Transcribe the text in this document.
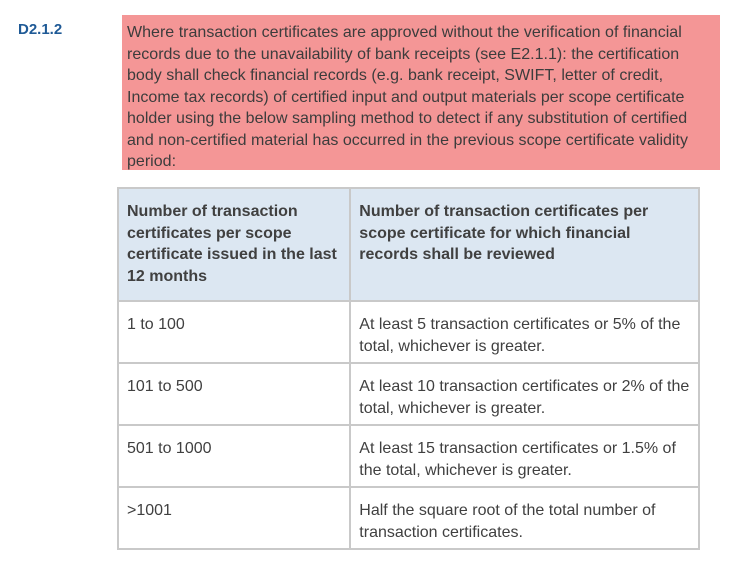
D2.1.2	Where transaction certificates are approved without the verification of financial records due to the unavailability of bank receipts (see E2.1.1): the certification body shall check financial records (e.g. bank receipt, SWIFT, letter of credit, Income tax records) of certified input and output materials per scope certificate holder using the below sampling method to detect if any substitution of certified and non-certified material has occurred in the previous scope certificate validity period:
Number of transaction certificates per scope certificate issued in the last 12 months	Number of transaction certificates per scope certificate for which financial records shall be reviewed

1 to 100	At least 5 transaction certificates or 5% of the total, whichever is greater.

101 to 500	At least 10 transaction certificates or 2% of the total, whichever is greater.

501 to 1000	At least 15 transaction certificates or 1.5% of the total, whichever is greater.

>1001	Half the square root of the total number of transaction certificates.
